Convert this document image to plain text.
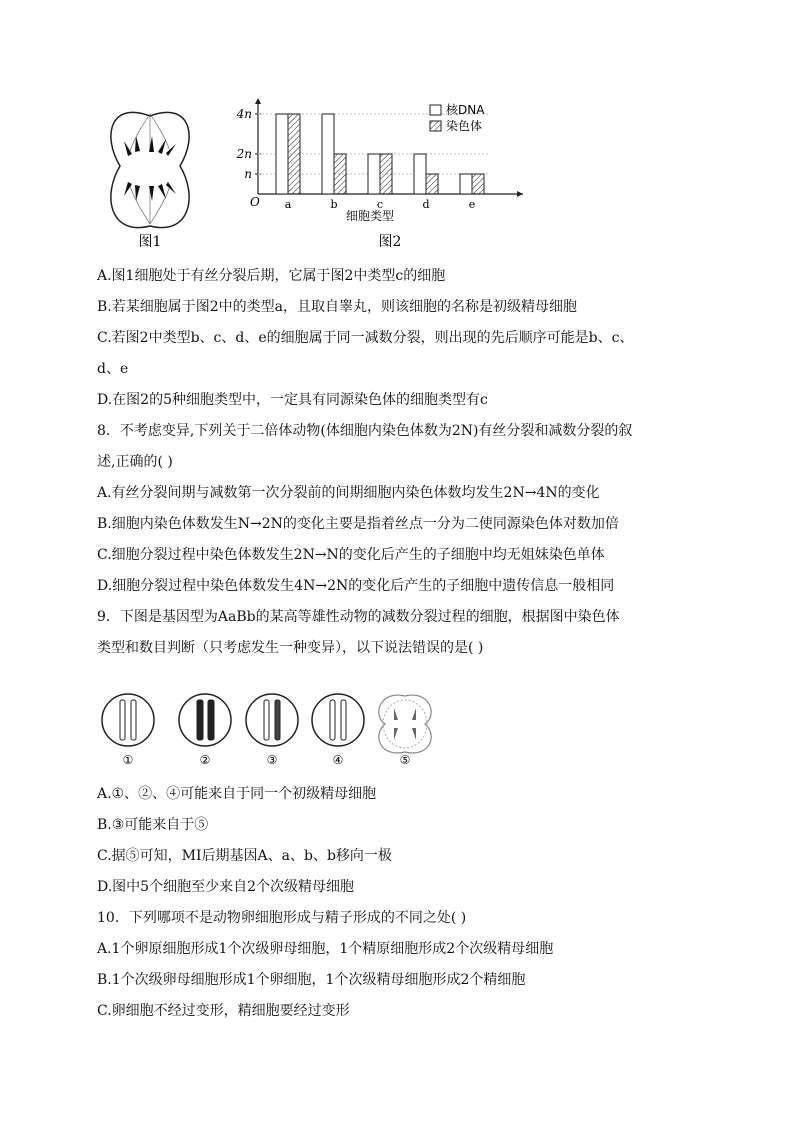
图1
n
2n
4n
O a	b	c	d	e
细胞类型
核DNA
染色体
图2
A.图1细胞处于有丝分裂后期，它属于图2中类型c的细胞
B.若某细胞属于图2中的类型a，且取自睾丸，则该细胞的名称是初级精母细胞
C.若图2中类型b、c、d、e的细胞属于同一减数分裂，则出现的先后顺序可能是b、c、
d、e
D.在图2的5种细胞类型中，一定具有同源染色体的细胞类型有c
8．不考虑变异,下列关于二倍体动物(体细胞内染色体数为2N)有丝分裂和减数分裂的叙
述,正确的( )
A.有丝分裂间期与减数第一次分裂前的间期细胞内染色体数均发生2N→4N的变化
B.细胞内染色体数发生N→2N的变化主要是指着丝点一分为二使同源染色体对数加倍
C.细胞分裂过程中染色体数发生2N→N的变化后产生的子细胞中均无姐妹染色单体
D.细胞分裂过程中染色体数发生4N→2N的变化后产生的子细胞中遗传信息一般相同
9．下图是基因型为AaBb的某高等雄性动物的减数分裂过程的细胞，根据图中染色体
类型和数目判断（只考虑发生一种变异），以下说法错误的是( )
①	②	③	④	⑤
A.①、②、④可能来自于同一个初级精母细胞
B.③可能来自于⑤
C.据⑤可知，MI后期基因A、a、b、b移向一极
D.图中5个细胞至少来自2个次级精母细胞
10．下列哪项不是动物卵细胞形成与精子形成的不同之处( )
A.1个卵原细胞形成1个次级卵母细胞，1个精原细胞形成2个次级精母细胞
B.1个次级卵母细胞形成1个卵细胞，1个次级精母细胞形成2个精细胞
C.卵细胞不经过变形，精细胞要经过变形
